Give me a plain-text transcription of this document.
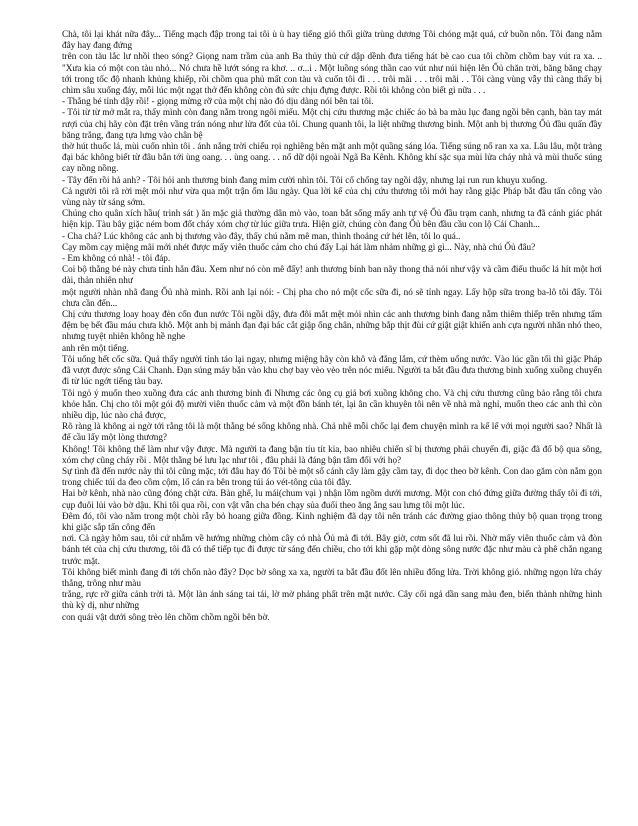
Chà, tôi lại khát nữa đây... Tiếng mạch đập trong tai tôi ù ù hay tiếng gió thổi giữa trùng dương Tôi chóng mặt quá, cứ buồn nôn. Tôi đang nằm đây hay đang đứng

trên con tàu lắc lư nhồi theo sóng? Giọng nam trầm của anh Ba thủy thủ cứ dập dềnh đưa tiếng hát bè cao cua tôi chồm chồm bay vút ra xa. .. "Xưa kia có một con tàu nhỏ... Nó chưa hề lướt sóng ra khơ. .. ơ...i . Một luồng sóng thần cao vút như núi hiện lên Ốủ chăn trời, băng băng chạy tới trong tốc độ nhanh khủng khiếp, rồi chồm qua phủ mất con tàu và cuốn tôi đi . . . trôi mãi . . . trôi mãi . . Tôi càng vùng vẫy thì càng thấy bị chìm sâu xuống đáy, mỗi lúc một ngạt thở đến không còn đủ sức chịu đựng được. Rồi tôi không còn biết gì nữa . . .

- Thằng bé tỉnh dậy rồi! - giọng mừng rỡ của một chị nào đó dịu dàng nói bên tai tôi.

- Tôi từ từ mở mắt ra, thấy mình còn đang nằm trong ngôi miếu. Một chị cứu thương mặc chiếc áo bà ba màu lục đang ngồi bên cạnh, bàn tay mát rượi của chị hãy còn đặt trên vầng trán nóng như lửa đốt của tôi. Chung quanh tôi, la liệt những thương binh. Một anh bị thương Ốủ đầu quấn đầy băng trắng, đang tựa lưng vào chân bệ

thờ hút thuốc lá, mùi cuốn nhìn tôi . ánh nắng trời chiếu rọi nghiêng bên mặt anh một quầng sáng lóa. Tiếng súng nổ ran xa xa. Lâu lâu, một tràng đại bác không biết từ đâu bắn tới ùng oang. . . ùng oang. . . nổ dữ dội ngoài Ngã Ba Kênh. Không khí sặc sụa mùi lửa cháy nhà và mùi thuốc súng cay nồng nồng.

- Tây đến rồi hả anh? - Tôi hỏi anh thương binh đang mỉm cười nhìn tôi. Tôi cố chống tay ngồi dậy, nhưng lại run run khuỵu xuống.

Cả người tôi rã rời mệt mỏi như vừa qua một trận ốm lâu ngày. Qua lời kể của chị cứu thương tôi mới hay rằng giặc Pháp bắt đầu tấn công vào vùng này từ sáng sớm.

Chúng cho quân xích hầu( trinh sát ) ăn mặc giả thường dân mò vào, toan bắt sống mấy anh tự vệ Ốủ đầu trạm canh, nhưng ta đã cảnh giác phát hiện kịp. Tàu bây giặc ném bom đốt cháy xóm chợ từ lúc giữa trưa. Hiện giờ, chúng còn đang Ốủ bên đầu cầu con lộ Cái Chanh...

- Cha chả? Lúc không các anh bị thương vào đây, thấy chú nằm mê man, thình thoảng cứ hét lên, tôi lo quá..

Cạy mồm cạy miệng mãi mới nhét được mấy viên thuốc cảm cho chú đấy Lại hát làm nhảm những gì gì... Này, nhà chú Ốủ đâu?

- Em không có nhà! - tôi đáp.

Coi bộ thằng bé này chưa tỉnh hẳn đâu. Xem như nó còn mê đấy! anh thương binh ban nãy thong thả nói như vậy và cầm điếu thuốc lá hít một hơi dài, thản nhiên như

một người nhàn nhã đang Ốủ nhà mình. Rồi anh lại nói: - Chị pha cho nó một cốc sữa đi, nó sẽ tỉnh ngay. Lấy hộp sữa trong ba-lô tôi đấy. Tôi chưa cần đến...

Chị cứu thương loay hoay đèn cốn đun nước Tôi ngồi dậy, đưa đôi mắt mệt mỏi nhìn các anh thương binh đang nằm thiêm thiếp trên nhưng tấm đệm bẹ bết đầu máu chưa khô. Một anh bị mảnh đạn đại bác cắt giập ống chân, những bắp thịt đùi cứ giật giật khiến anh cựa người nhăn nhó theo, nhưng tuyệt nhiên không hề nghe

anh rên một tiếng.

Tôi uống hết cốc sữa. Quả thấy người tỉnh táo lại ngay, nhưng miệng hãy còn khô và đắng lắm, cứ thèm uống nước. Vào lúc gần tối thì giặc Pháp đã vượt được sông Cái Chanh. Đạn súng máy bắn vào khu chợ bay vèo vèo trên nóc miếu. Người ta bắt đầu đưa thương binh xuống xuồng chuyển đi từ lúc ngớt tiếng tàu bay.

Tôi ngỏ ý muốn theo xuồng đưa các anh thương binh đi Nhưng các ông cụ giả bơi xuồng không cho. Và chị cứu thương cũng bảo rằng tôi chưa khỏe hẳn. Chị cho tôi một gói độ mười viên thuốc cảm và một đồn bánh tét, lại ân cần khuyên tôi nên về nhà mà nghỉ, muốn theo các anh thì còn nhiều dịp, lúc nào chả được,

Rõ ràng là không ai ngờ tới rằng tôi là một thằng bé sống không nhà. Chả nhẽ mỗi chốc lại đem chuyện mình ra kể lể với mọi người sao? Nhất là để cầu lấy một lòng thương?

Không! Tôi không thể làm như vậy được. Mà người ta đang bận tíu tít kia, bao nhiêu chiến sĩ bị thương phải chuyển đi, giặc đã đổ bộ qua sông, xóm chợ cũng cháy rồi . Một thằng bé lưu lạc như tôi , đâu phải là đáng bận tâm đối với họ?

Sự tình đã đến nước này thì tôi cũng mặc, tới đâu hay đó Tôi bè một số cánh cây làm gậy cầm tay, đi dọc theo bờ kênh. Con dao găm còn nằm gọn trong chiếc túi da đeo cồm cộm, lổ cán ra bên trong túi áo vét-tông của tôi đây.

Hai bờ kênh, nhà nào cũng đóng chặt cửa. Bàn ghế, lu mái(chum vại ) nhận lồm ngồm dưới mương. Một con chó đứng giữa đường thấy tôi đi tới, cụp đuôi lủi vào bờ dậu. Khi tôi qua rồi, con vật vẫn cha bén chạy sủa đuổi theo ăng ẳng sau lưng tôi một lúc.

Đêm đó, tôi vào nằm trong một chòi rẫy bỏ hoang giữa đồng. Kinh nghiệm đã dạy tôi nên tránh các đường giao thông thủy bộ quan trọng trong khi giặc sắp tấn công đến

nơi. Cả ngày hôm sau, tôi cứ nhắm về hướng những chòm cây có nhà Ốủ mà đi tới. Bây giờ, cơm sốt đã lui rồi. Nhờ mấy viên thuốc cảm và đòn bánh tét của chị cứu thương, tôi đã có thể tiếp tục đi được từ sáng đến chiều, cho tới khi gặp một dòng sông nước đặc như màu cà phê chắn ngang trước mặt.

Tôi không biết mình đang đi tới chốn nào đây? Dọc bờ sông xa xa, người ta bắt đầu đốt lên nhiều đống lửa. Trời không gió. những ngọn lửa cháy thẳng, trông như màu

trắng, rực rỡ giữa cảnh trời tà. Một làn ánh sáng tai tái, lờ mờ phảng phất trên mặt nước. Cây cối ngả dần sang màu đen, biến thành những hình thù kỳ dị, như những

con quái vật dưới sông trèo lên chồm chồm ngồi bên bờ.
